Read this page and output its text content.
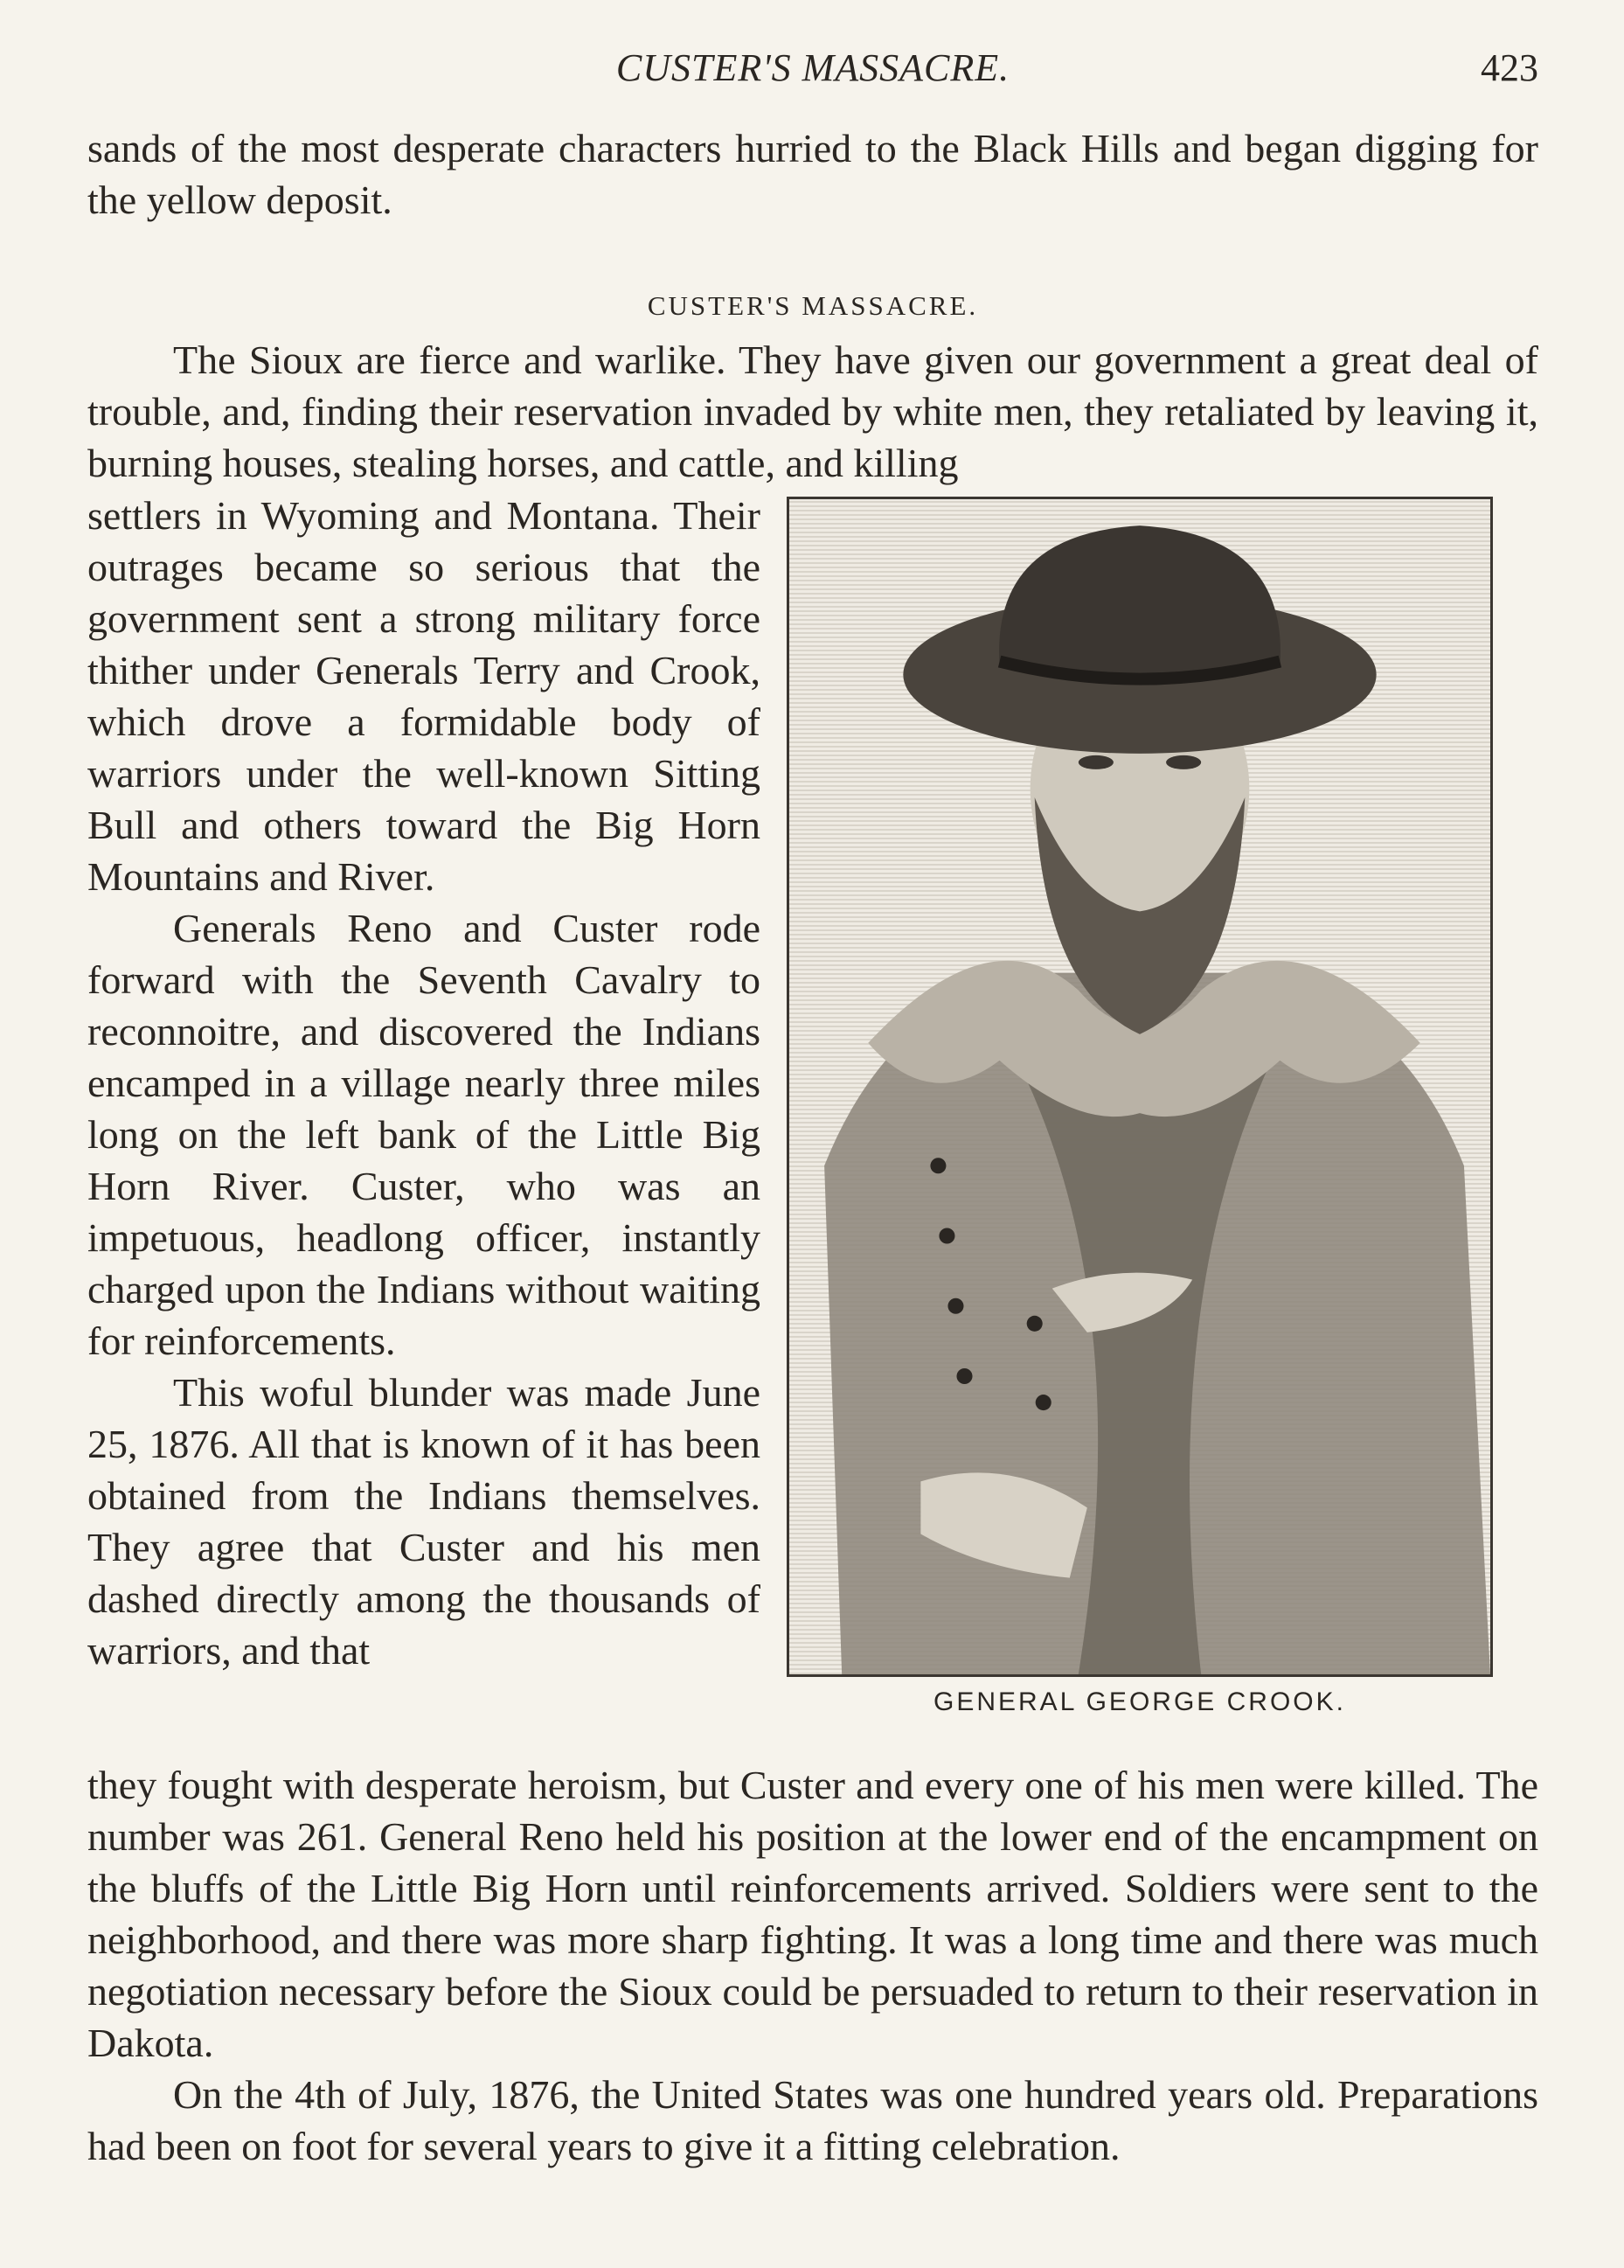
CUSTER'S MASSACRE.	423

sands of the most desperate characters hurried to the Black Hills and began digging for the yellow deposit.

CUSTER'S MASSACRE.

The Sioux are fierce and warlike. They have given our government a great deal of trouble, and, finding their reservation invaded by white men, they retaliated by leaving it, burning houses, stealing horses, and cattle, and killing

settlers in Wyoming and Montana. Their outrages became so serious that the government sent a strong military force thither under Generals Terry and Crook, which drove a formidable body of warriors under the well-known Sitting Bull and others toward the Big Horn Mountains and River.

Generals Reno and Custer rode forward with the Seventh Cavalry to reconnoitre, and discovered the Indians encamped in a village nearly three miles long on the left bank of the Little Big Horn River. Custer, who was an impetuous, headlong officer, instantly charged upon the Indians without waiting for reinforcements.

This woful blunder was made June 25, 1876. All that is known of it has been obtained from the Indians themselves. They agree that Custer and his men dashed directly among the thousands of warriors, and that

GENERAL GEORGE CROOK.

they fought with desperate heroism, but Custer and every one of his men were killed. The number was 261. General Reno held his position at the lower end of the encampment on the bluffs of the Little Big Horn until reinforcements arrived. Soldiers were sent to the neighborhood, and there was more sharp fighting. It was a long time and there was much negotiation necessary before the Sioux could be persuaded to return to their reservation in Dakota.

On the 4th of July, 1876, the United States was one hundred years old. Preparations had been on foot for several years to give it a fitting celebration.
